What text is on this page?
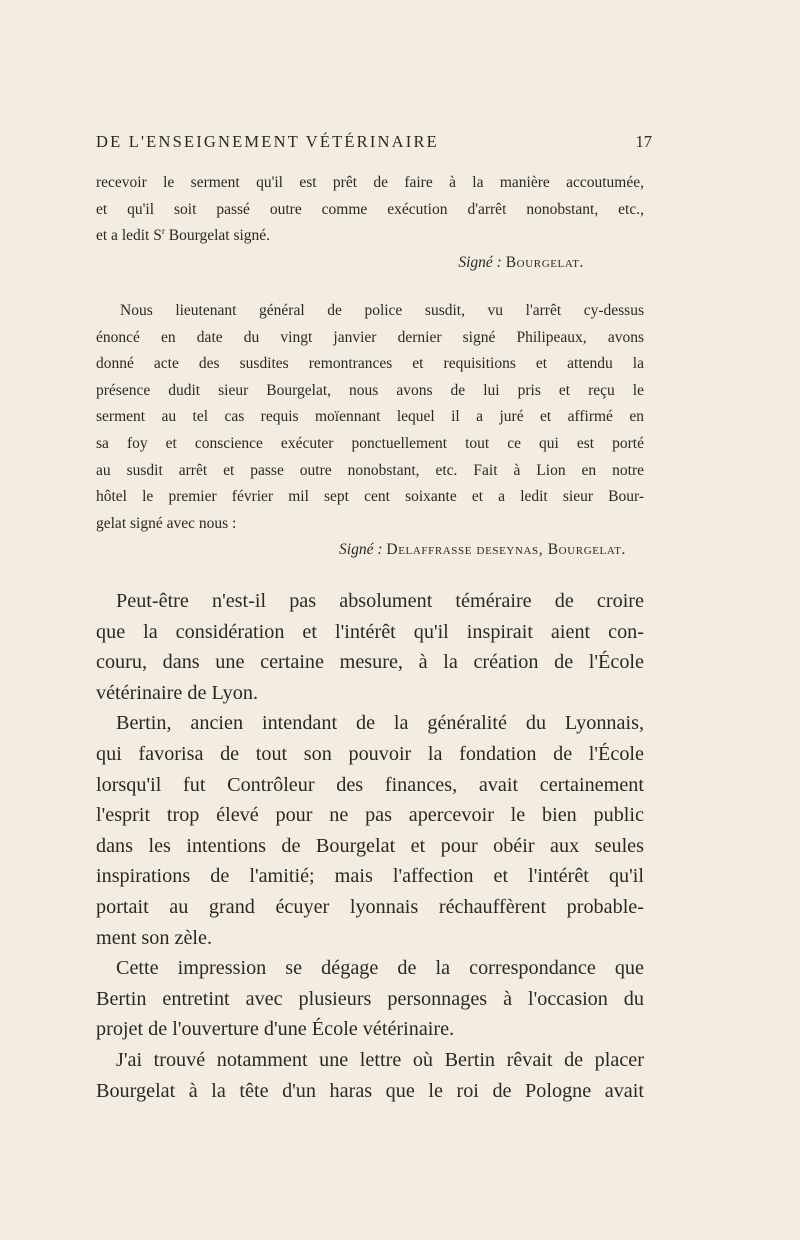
DE L'ENSEIGNEMENT VÉTÉRINAIRE	17
recevoir le serment qu'il est prêt de faire à la manière accoutumée,
et qu'il soit passé outre comme exécution d'arrêt nonobstant, etc.,
et a ledit $S^r$ Bourgelat signé.

Signé : Bourgelat.

Nous lieutenant général de police susdit, vu l'arrêt cy-dessus
énoncé en date du vingt janvier dernier signé Philipeaux, avons
donné acte des susdites remontrances et requisitions et attendu la
présence dudit sieur Bourgelat, nous avons de lui pris et reçu le
serment au tel cas requis moïennant lequel il a juré et affirmé en
sa foy et conscience exécuter ponctuellement tout ce qui est porté
au susdit arrêt et passe outre nonobstant, etc. Fait à Lion en notre
hôtel le premier février mil sept cent soixante et a ledit sieur Bour-
gelat signé avec nous :

Signé : Delaffrasse deseynas, Bourgelat.

Peut-être n'est-il pas absolument téméraire de croire
que la considération et l'intérêt qu'il inspirait aient con-
couru, dans une certaine mesure, à la création de l'École
vétérinaire de Lyon.

Bertin, ancien intendant de la généralité du Lyonnais,
qui favorisa de tout son pouvoir la fondation de l'École
lorsqu'il fut Contrôleur des finances, avait certainement
l'esprit trop élevé pour ne pas apercevoir le bien public
dans les intentions de Bourgelat et pour obéir aux seules
inspirations de l'amitié; mais l'affection et l'intérêt qu'il
portait au grand écuyer lyonnais réchauffèrent probable-
ment son zèle.

Cette impression se dégage de la correspondance que
Bertin entretint avec plusieurs personnages à l'occasion du
projet de l'ouverture d'une École vétérinaire.

J'ai trouvé notamment une lettre où Bertin rêvait de placer
Bourgelat à la tête d'un haras que le roi de Pologne avait
